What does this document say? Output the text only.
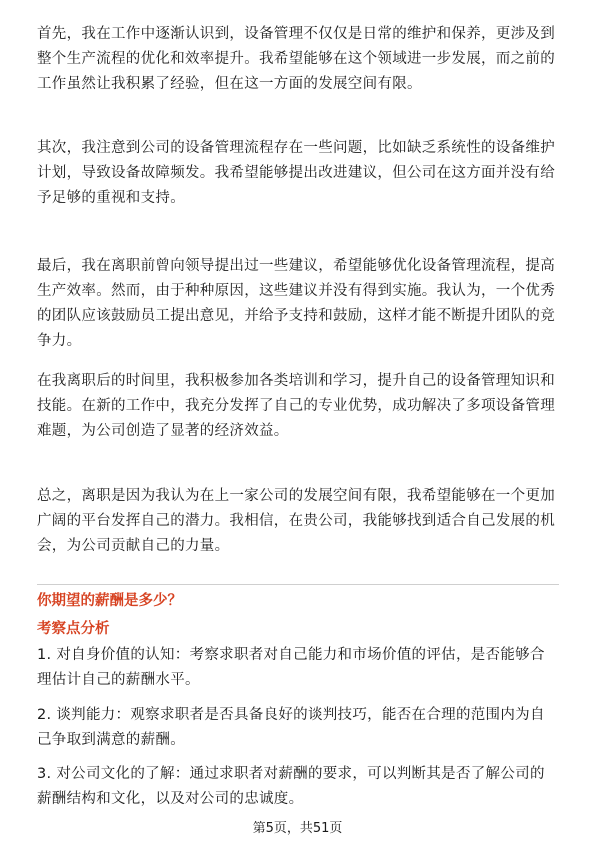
首先，我在工作中逐渐认识到，设备管理不仅仅是日常的维护和保养，更涉及到整个生产流程的优化和效率提升。我希望能够在这个领域进一步发展，而之前的工作虽然让我积累了经验，但在这一方面的发展空间有限。

其次，我注意到公司的设备管理流程存在一些问题，比如缺乏系统性的设备维护计划，导致设备故障频发。我希望能够提出改进建议，但公司在这方面并没有给予足够的重视和支持。

最后，我在离职前曾向领导提出过一些建议，希望能够优化设备管理流程，提高生产效率。然而，由于种种原因，这些建议并没有得到实施。我认为，一个优秀的团队应该鼓励员工提出意见，并给予支持和鼓励，这样才能不断提升团队的竞争力。

在我离职后的时间里，我积极参加各类培训和学习，提升自己的设备管理知识和技能。在新的工作中，我充分发挥了自己的专业优势，成功解决了多项设备管理难题，为公司创造了显著的经济效益。

总之，离职是因为我认为在上一家公司的发展空间有限，我希望能够在一个更加广阔的平台发挥自己的潜力。我相信，在贵公司，我能够找到适合自己发展的机会，为公司贡献自己的力量。

你期望的薪酬是多少？
考察点分析

1. 对自身价值的认知：考察求职者对自己能力和市场价值的评估，是否能够合理估计自己的薪酬水平。

2. 谈判能力：观察求职者是否具备良好的谈判技巧，能否在合理的范围内为自己争取到满意的薪酬。

3. 对公司文化的了解：通过求职者对薪酬的要求，可以判断其是否了解公司的薪酬结构和文化，以及对公司的忠诚度。

第5页，共51页
